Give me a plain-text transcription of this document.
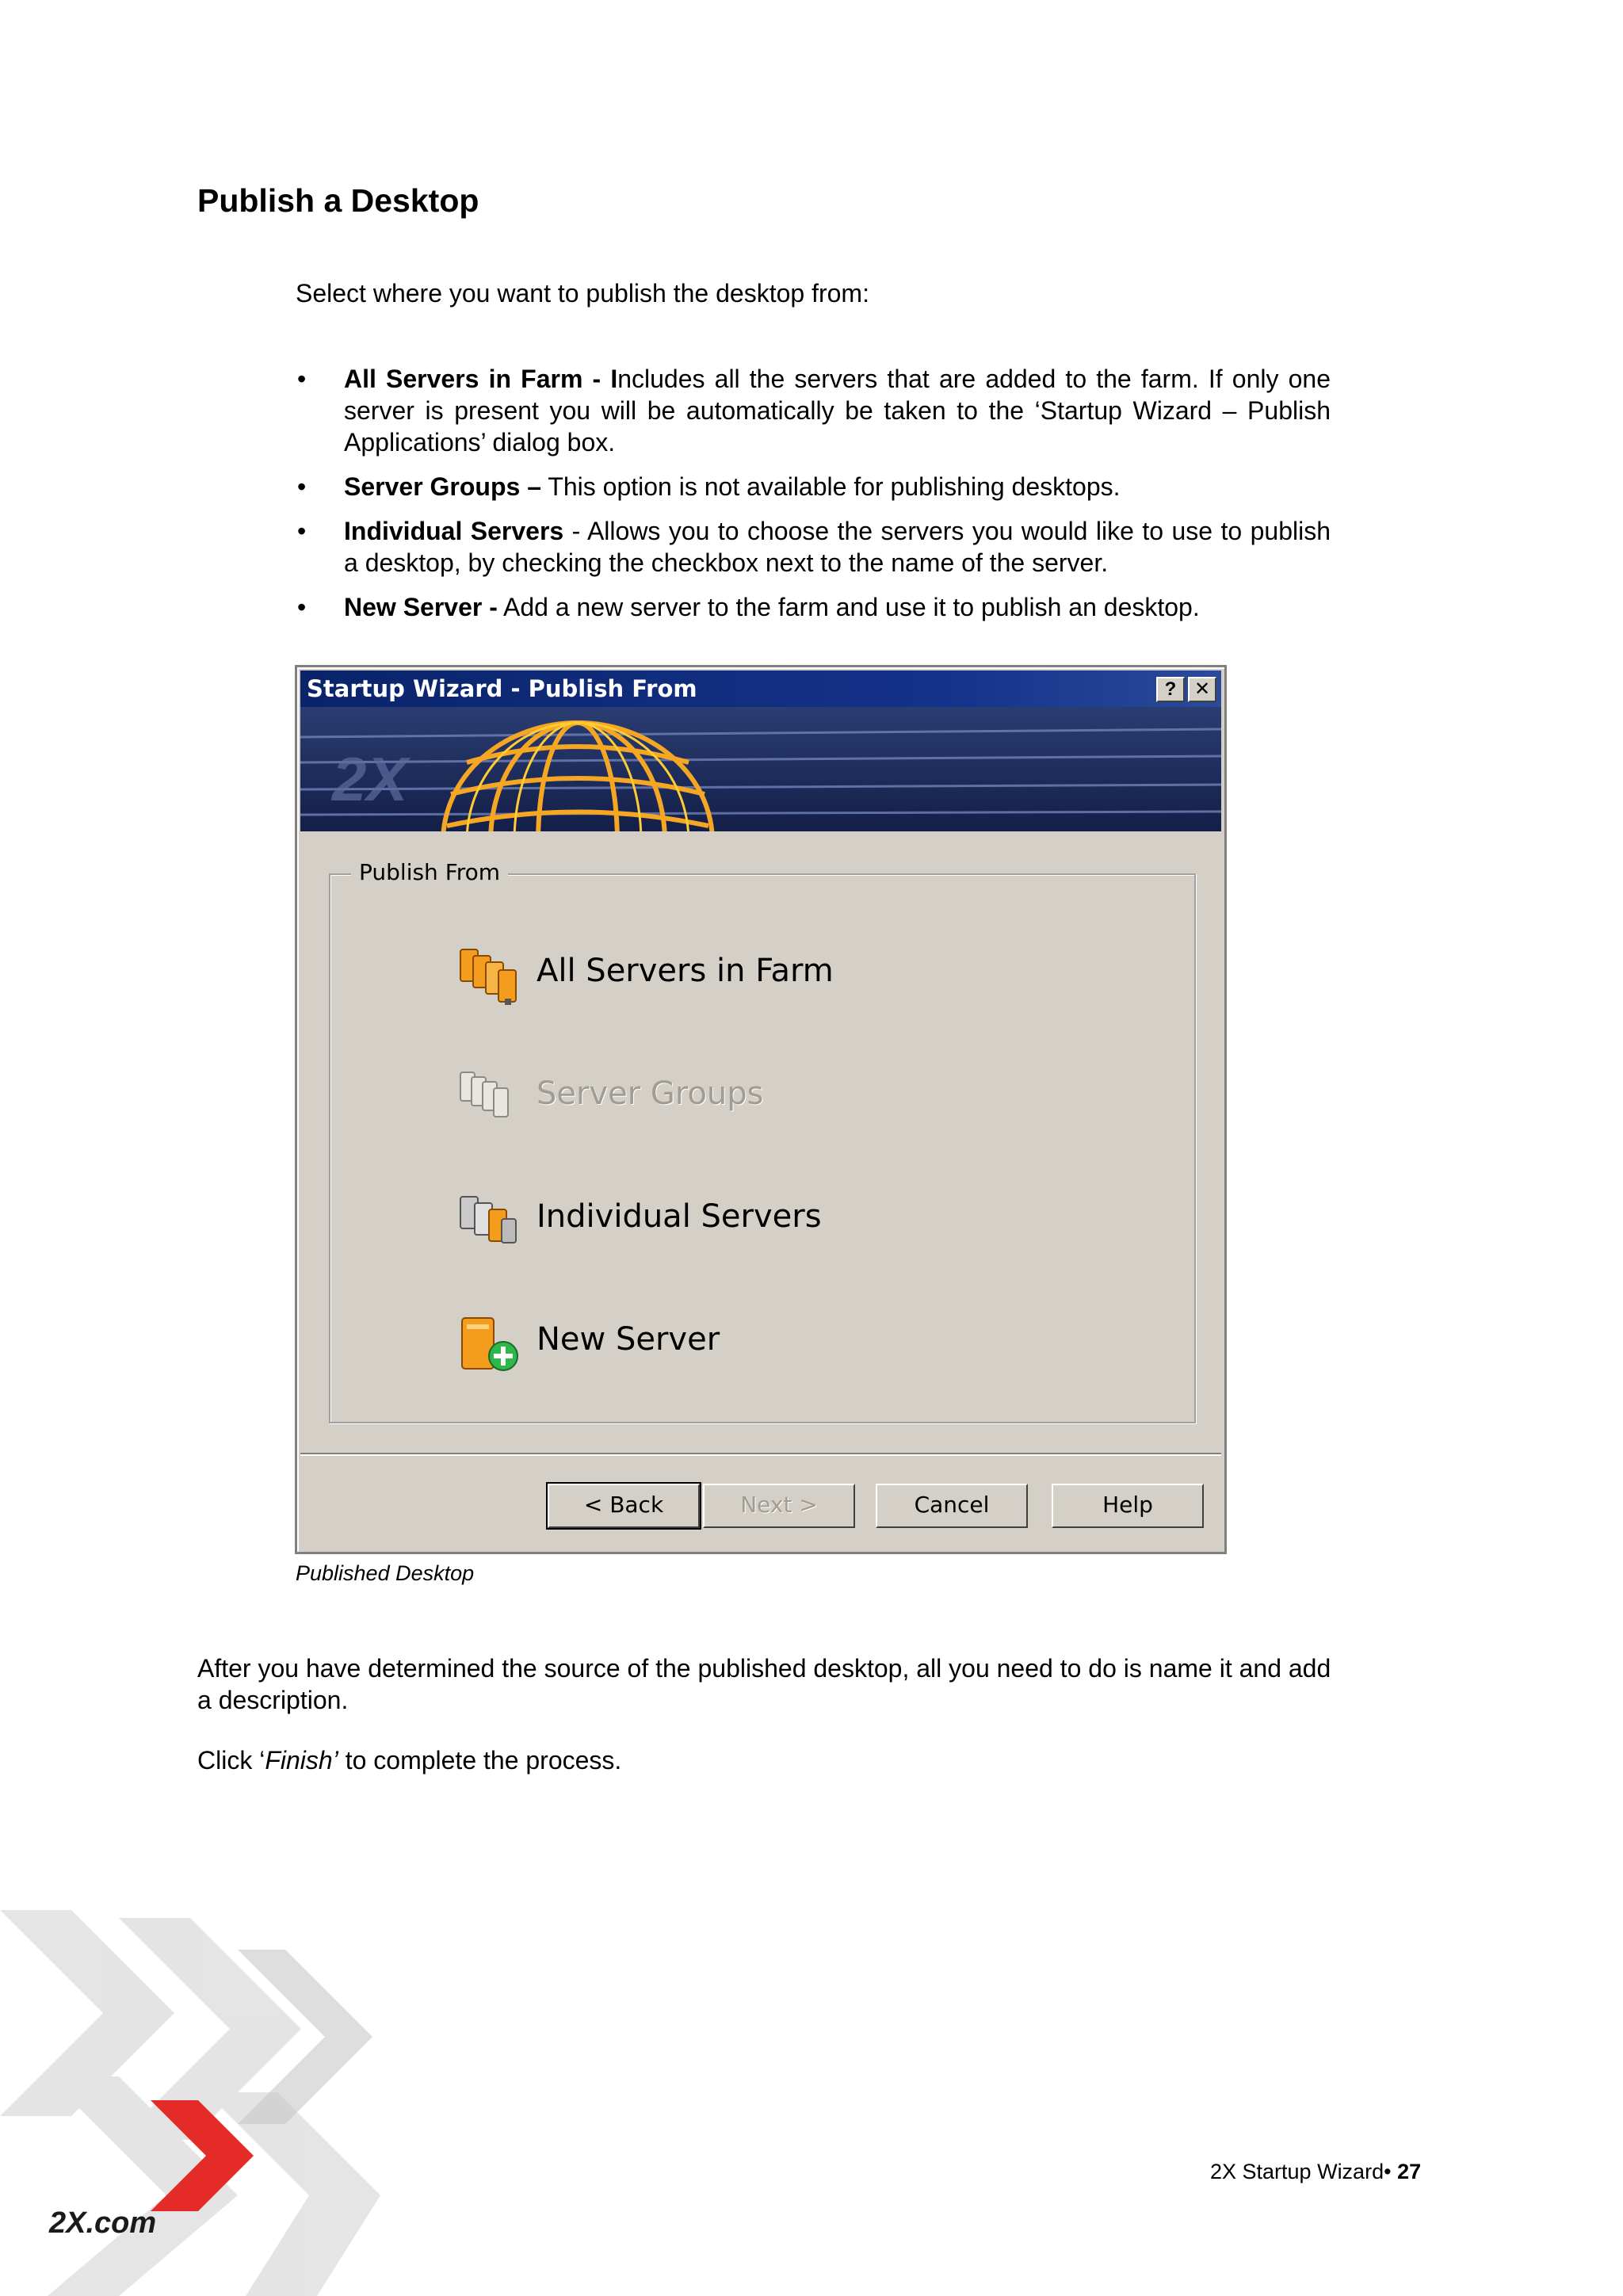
Publish a Desktop
Select where you want to publish the desktop from:
• All Servers in Farm - Includes all the servers that are added to the farm. If only one server is present you will be automatically be taken to the ‘Startup Wizard – Publish Applications’ dialog box.
• Server Groups – This option is not available for publishing desktops.
• Individual Servers - Allows you to choose the servers you would like to use to publish a desktop, by checking the checkbox next to the name of the server.
• New Server - Add a new server to the farm and use it to publish an desktop.
Startup Wizard - Publish From	? ✕
2X
Publish From
All Servers in Farm
Server Groups
Individual Servers
New Server
< Back	Next >	Cancel	Help
Published Desktop
After you have determined the source of the published desktop, all you need to do is name it and add a description.
Click ‘Finish’ to complete the process.
2X.com
2X Startup Wizard• 27
